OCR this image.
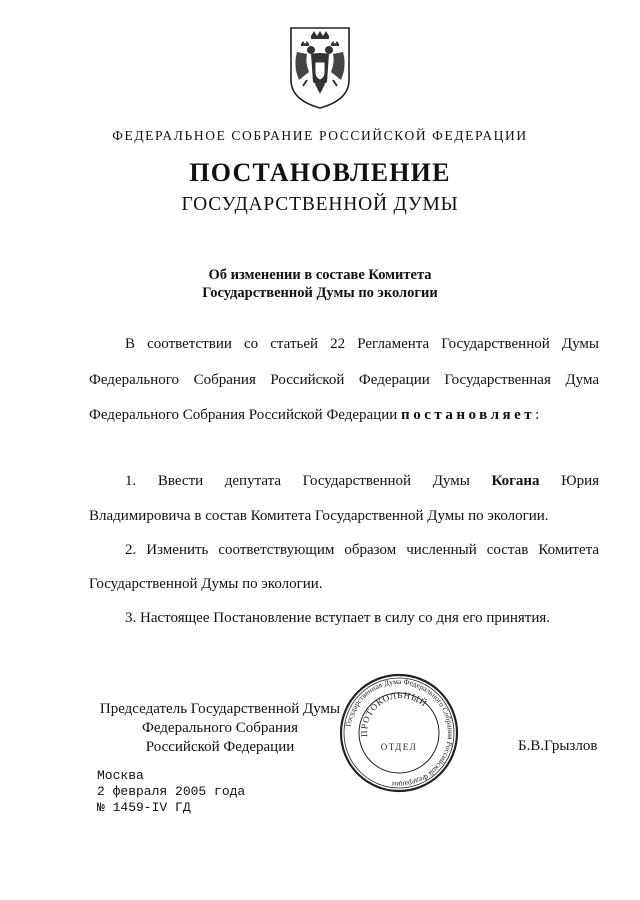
ФЕДЕРАЛЬНОЕ СОБРАНИЕ РОССИЙСКОЙ ФЕДЕРАЦИИ
ПОСТАНОВЛЕНИЕ
ГОСУДАРСТВЕННОЙ ДУМЫ
Об изменении в составе Комитета
Государственной Думы по экологии
В соответствии со статьей 22 Регламента Государственной Думы
Федерального Собрания Российской Федерации Государственная Дума
Федерального Собрания Российской Федерации постановляет:
1. Ввести депутата Государственной Думы Когана Юрия
Владимировича в состав Комитета Государственной Думы по экологии.
2. Изменить соответствующим образом численный состав Комитета
Государственной Думы по экологии.
3. Настоящее Постановление вступает в силу со дня его принятия.
Председатель Государственной Думы
Федерального Собрания
Российской Федерации	Б.В.Грызлов
Государственная Дума Федерального Собрания Российской Федерации
ПРОТОКОЛЬНЫЙ
ОТДЕЛ
Москва
2 февраля 2005 года
№ 1459-IV ГД
